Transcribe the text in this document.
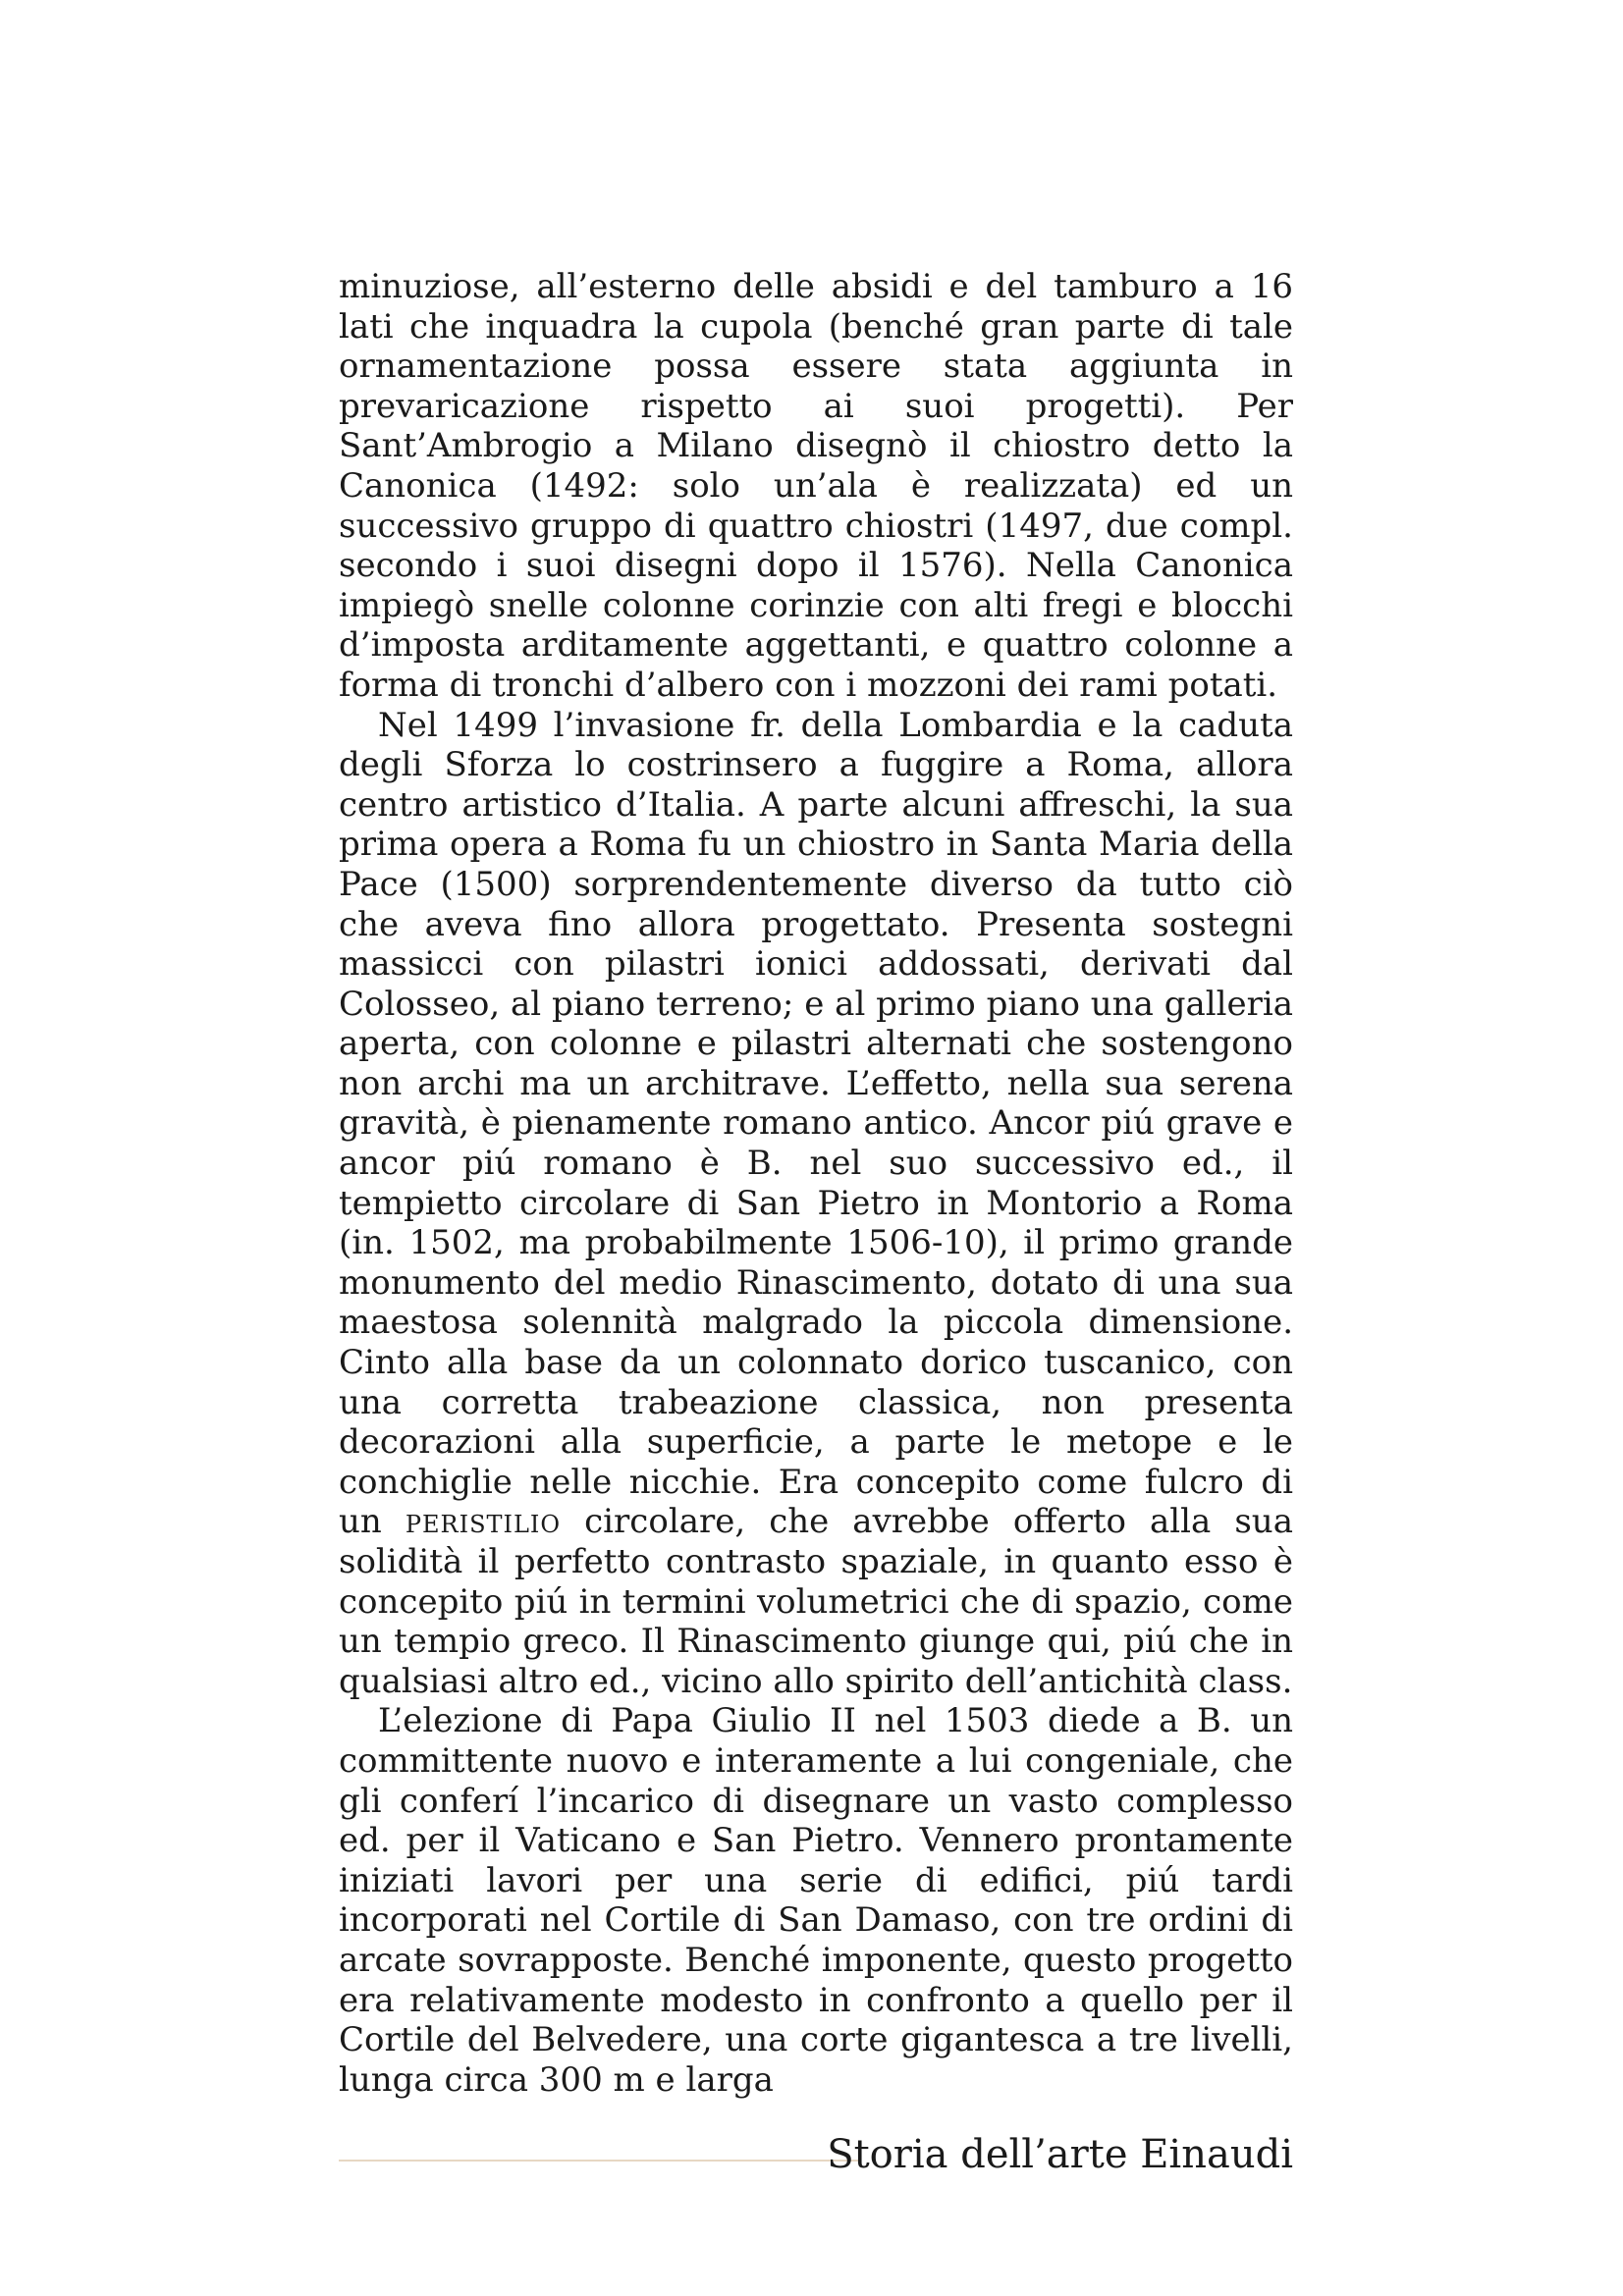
minuziose, all’esterno delle absidi e del tamburo a 16 lati che inquadra la cupola (benché gran parte di tale ornamentazione possa essere stata aggiunta in prevaricazione rispetto ai suoi progetti). Per Sant’Ambrogio a Milano disegnò il chiostro detto la Canonica (1492: solo un’ala è realizzata) ed un successivo gruppo di quattro chiostri (1497, due compl. secondo i suoi disegni dopo il 1576). Nella Canonica impiegò snelle colonne corinzie con alti fregi e blocchi d’imposta arditamente aggettanti, e quattro colonne a forma di tronchi d’albero con i mozzoni dei rami potati.

Nel 1499 l’invasione fr. della Lombardia e la caduta degli Sforza lo costrinsero a fuggire a Roma, allora centro artistico d’Italia. A parte alcuni affreschi, la sua prima opera a Roma fu un chiostro in Santa Maria della Pace (1500) sorprendentemente diverso da tutto ciò che aveva fino allora progettato. Presenta sostegni massicci con pilastri ionici addossati, derivati dal Colosseo, al piano terreno; e al primo piano una galleria aperta, con colonne e pilastri alternati che sostengono non archi ma un architrave. L’effetto, nella sua serena gravità, è pienamente romano antico. Ancor piú grave e ancor piú romano è B. nel suo successivo ed., il tempietto circolare di San Pietro in Montorio a Roma (in. 1502, ma probabilmente 1506-10), il primo grande monumento del medio Rinascimento, dotato di una sua maestosa solennità malgrado la piccola dimensione. Cinto alla base da un colonnato dorico tuscanico, con una corretta trabeazione classica, non presenta decorazioni alla superficie, a parte le metope e le conchiglie nelle nicchie. Era concepito come fulcro di un peristilio circolare, che avrebbe offerto alla sua solidità il perfetto contrasto spaziale, in quanto esso è concepito piú in termini volumetrici che di spazio, come un tempio greco. Il Rinascimento giunge qui, piú che in qualsiasi altro ed., vicino allo spirito dell’antichità class.

L’elezione di Papa Giulio II nel 1503 diede a B. un committente nuovo e interamente a lui congeniale, che gli conferí l’incarico di disegnare un vasto complesso ed. per il Vaticano e San Pietro. Vennero prontamente iniziati lavori per una serie di edifici, piú tardi incorporati nel Cortile di San Damaso, con tre ordini di arcate sovrapposte. Benché imponente, questo progetto era relativamente modesto in confronto a quello per il Cortile del Belvedere, una corte gigantesca a tre livelli, lunga circa 300 m e larga

Storia dell’arte Einaudi
